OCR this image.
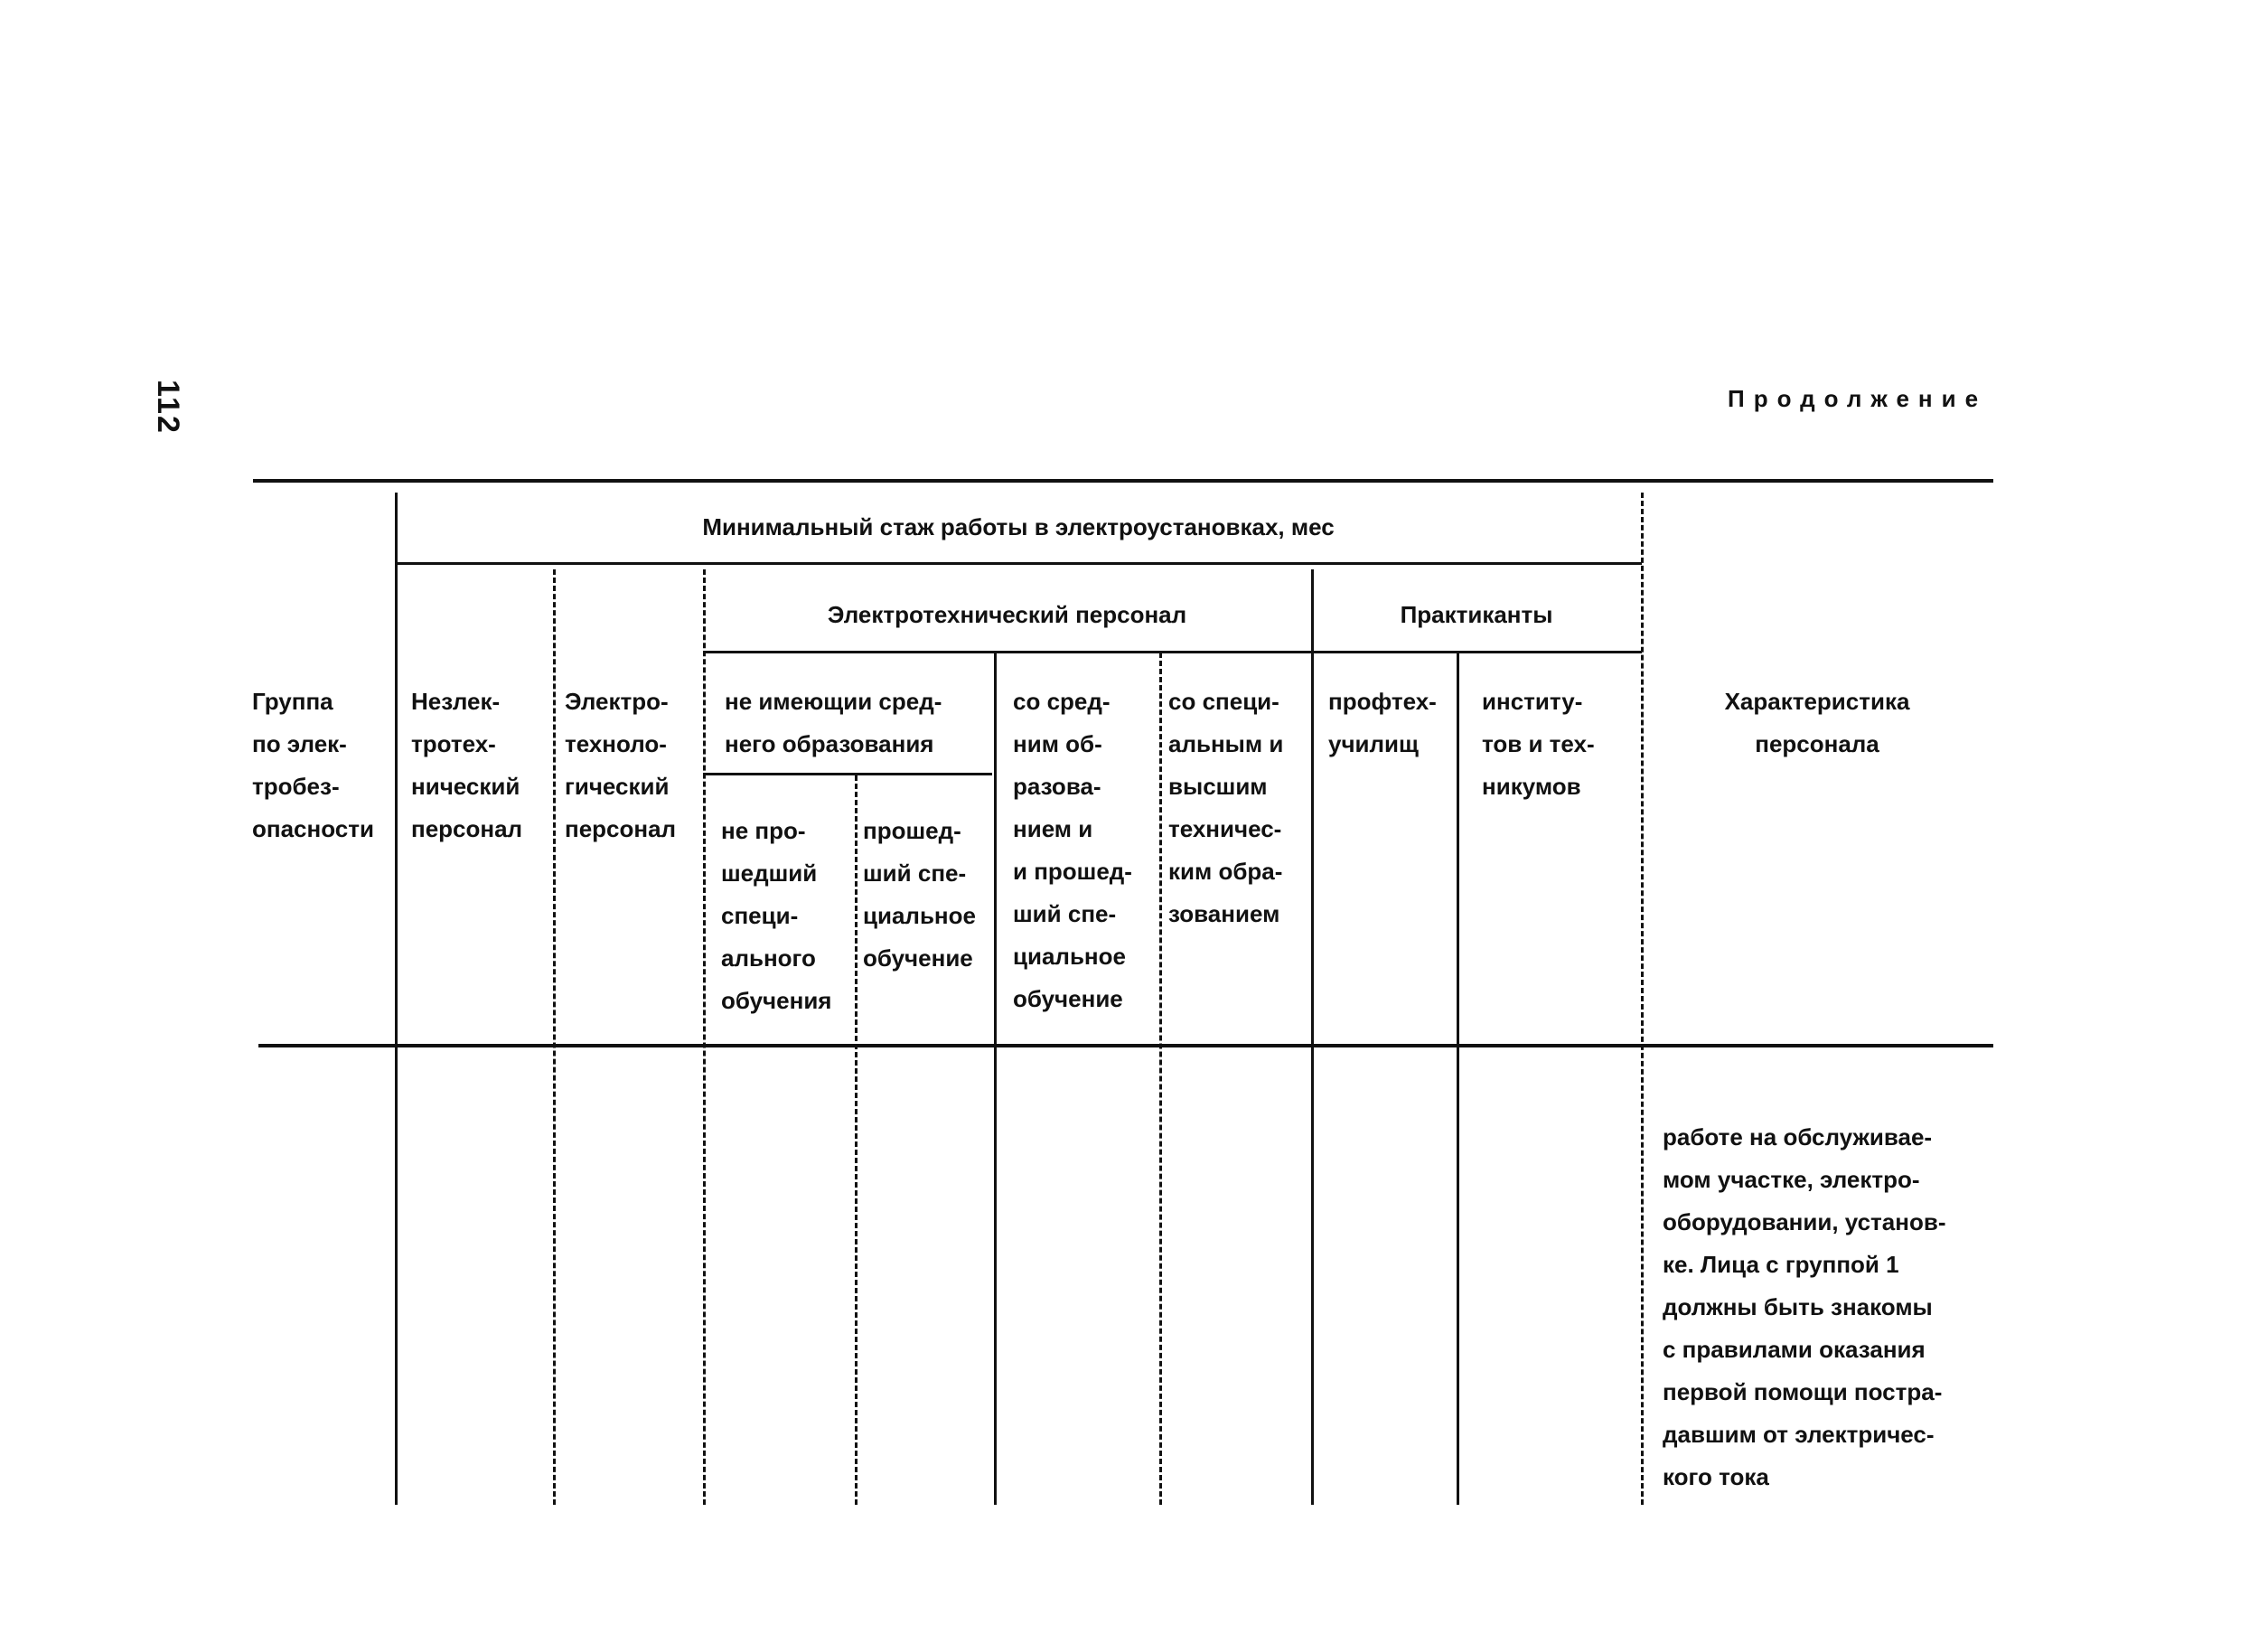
112	Продолжение
Группа
по элек-
тробез-
опасности
Минимальный стаж работы в электроустановках, мес
Незлек-
тротех-
нический
персонал
Электро-
техноло-
гический
персонал
Электротехнический персонал
не имеющии сред-
него образования
не про-
шедший
специ-
ального
обучения
прошед-
ший спе-
циальное
обучение
со сред-
ним об-
разова-
нием и
и прошед-
ший спе-
циальное
обучение
со специ-
альным и
высшим
техничес-
ким обра-
зованием
Практиканты
профтех-
училищ
институ-
тов и тех-
никумов
Характеристика
персонала
работе на обслуживае-
мом участке, электро-
оборудовании, установ-
ке. Лица с группой 1
должны быть знакомы
с правилами оказания
первой помощи постра-
давшим от электричес-
кого тока
